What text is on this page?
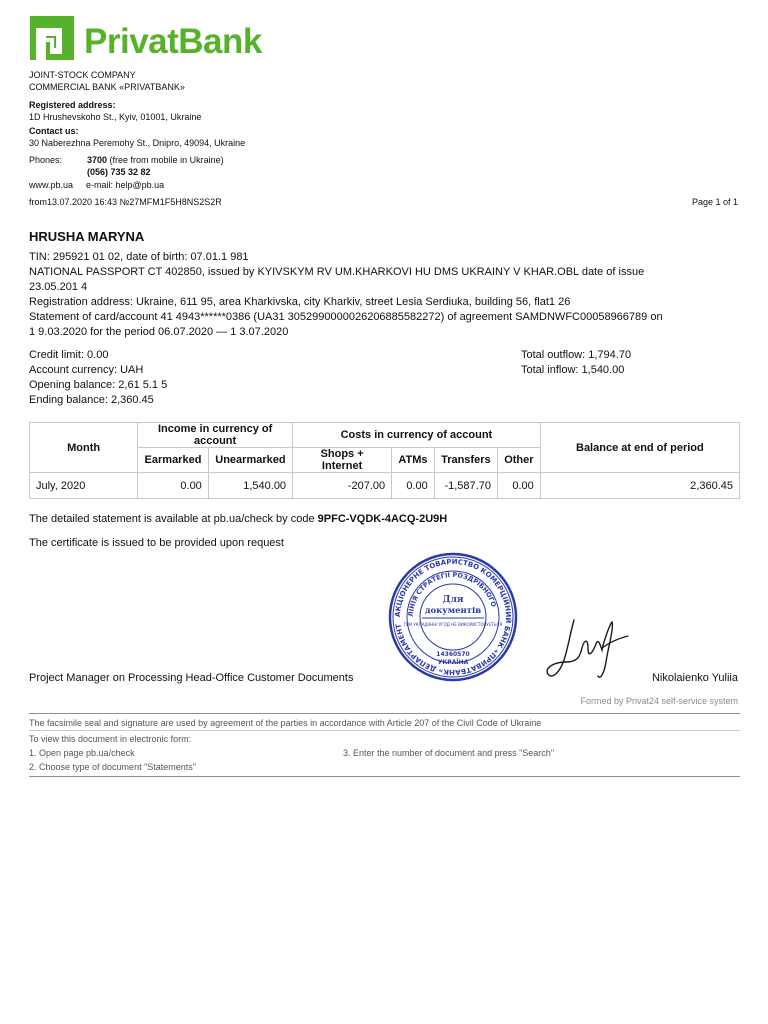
PrivatBank
JOINT-STOCK COMPANY
COMMERCIAL BANK «PRIVATBANK»
Registered address:
1D Hrushevskoho St., Kyiv, 01001, Ukraine
Contact us:
30 Naberezhna Peremohy St., Dnipro, 49094, Ukraine
Phones:	3700 (free from mobile in Ukraine)
(056) 735 32 82
www.pb.ua e-mail: help@pb.ua
from13.07.2020 16:43 №27MFM1F5H8NS2S2R	Page 1 of 1
HRUSHA MARYNA
TIN: 295921 01 02, date of birth: 07.01.1 981
NATIONAL PASSPORT CT 402850, issued by KYIVSKYM RV UM.KHARKOVI HU DMS UKRAINY V KHAR.OBL date of issue
23.05.201 4
Registration address: Ukraine, 611 95, area Kharkivska, city Kharkiv, street Lesia Serdiuka, building 56, flat1 26
Statement of card/account 41 4943******0386 (UA31 3052990000026206885582272) of agreement SAMDNWFC00058966789 on
1 9.03.2020 for the period 06.07.2020 — 1 3.07.2020
Credit limit: 0.00
Account currency: UAH
Opening balance: 2,61 5.1 5
Ending balance: 2,360.45
Total outflow: 1,794.70
Total inflow: 1,540.00
Month	Income in currency of account		Costs in currency of account				Balance at end of period
	Earmarked	Unearmarked	Shops + Internet	ATMs	Transfers	Other	
July, 2020	0.00	1,540.00	-207.00	0.00	-1,587.70	0.00	2,360.45
The detailed statement is available at pb.ua/check by code 9PFC-VQDK-4ACQ-2U9H
The certificate is issued to be provided upon request
АКЦІОНЕРНЕ ТОВАРИСТВО КОМЕРЦІЙНИЙ БАНК «ПРИВАТБАНК» ДЕПАРТАМЕНТ
ЛІНІЯ СТРАТЕГІЇ РОЗДРІБНОГО
Для
документів
ПРИ УКЛАДАННІ УГОД НЕ ВИКОРИСТОВУЄТЬСЯ
14360570
УКРАЇНА
Project Manager on Processing Head-Office Customer Documents	Nikolaienko Yuliia
Formed by Privat24 self-service system
The facsimile seal and signature are used by agreement of the parties in accordance with Article 207 of the Civil Code of Ukraine
To view this document in electronic form:
1. Open page pb.ua/check	3. Enter the number of document and press "Search"
2. Choose type of document "Statements"
